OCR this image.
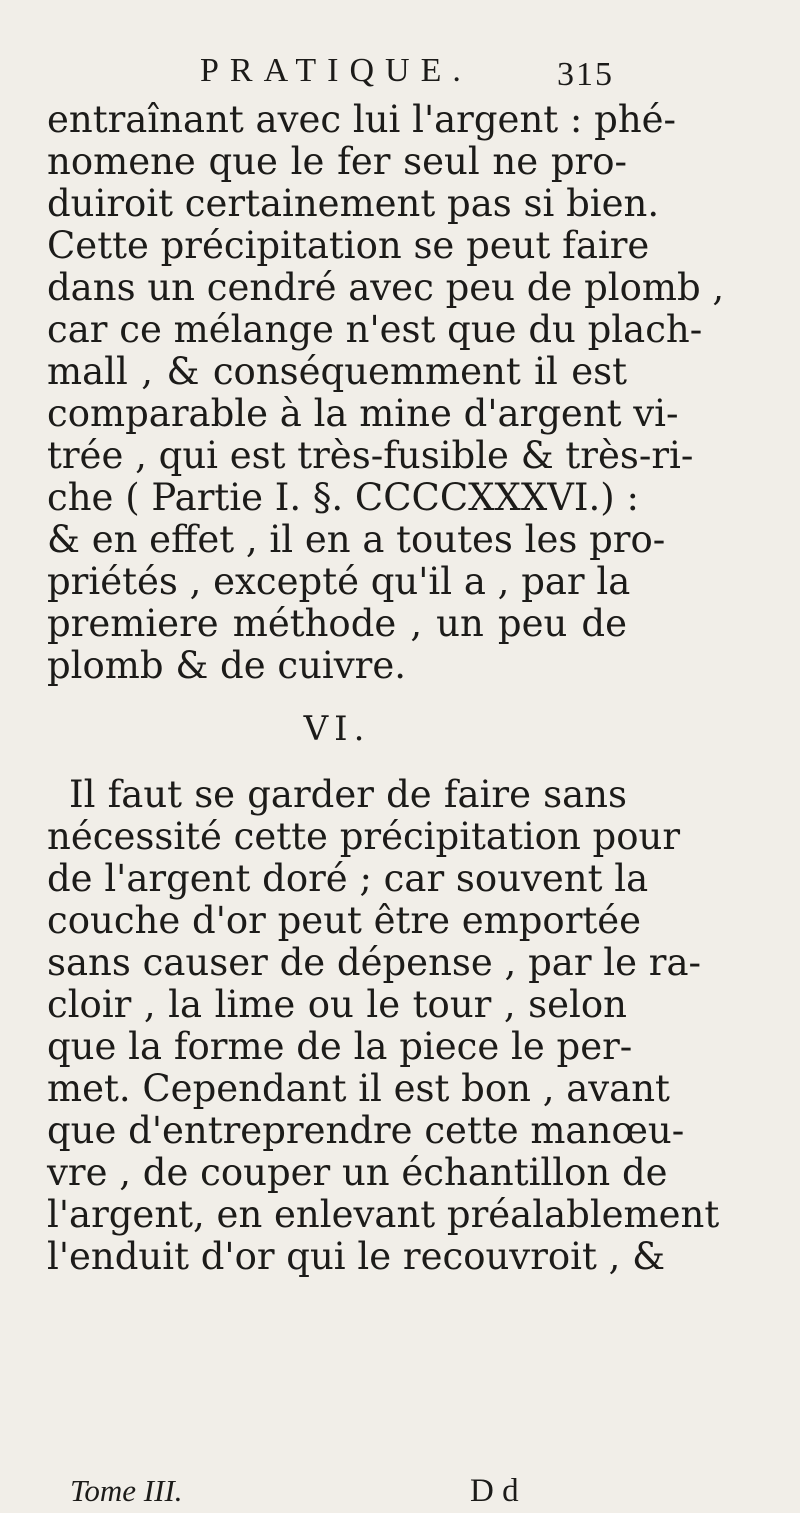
PRATIQUE.	315
entraînant avec lui l'argent : phé-
nomene que le fer seul ne pro-
duiroit certainement pas si bien.
Cette précipitation se peut faire
dans un cendré avec peu de plomb ,
car ce mélange n'est que du plach-
mall , & conséquemment il est
comparable à la mine d'argent vi-
trée , qui est très-fusible & très-ri-
che ( Partie I. §. CCCCXXXVI.) :
& en effet , il en a toutes les pro-
priétés , excepté qu'il a , par la
premiere méthode , un peu de
plomb & de cuivre.
VI.
Il faut se garder de faire sans
nécessité cette précipitation pour
de l'argent doré ; car souvent la
couche d'or peut être emportée
sans causer de dépense , par le ra-
cloir , la lime ou le tour , selon
que la forme de la piece le per-
met. Cependant il est bon , avant
que d'entreprendre cette manœu-
vre , de couper un échantillon de
l'argent, en enlevant préalablement
l'enduit d'or qui le recouvroit , &
Tome III.	D d
